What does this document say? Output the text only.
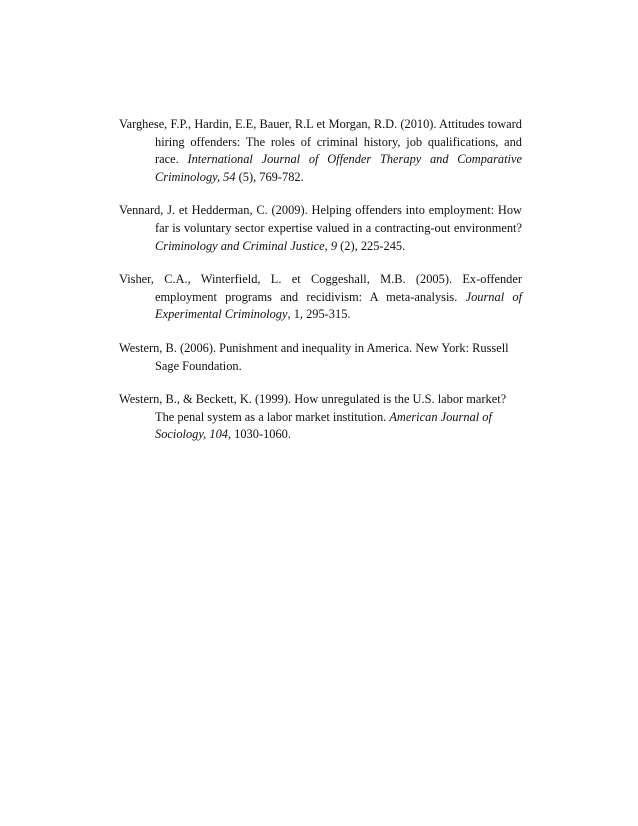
Varghese, F.P., Hardin, E.E, Bauer, R.L et Morgan, R.D. (2010). Attitudes toward hiring offenders: The roles of criminal history, job qualifications, and race. International Journal of Offender Therapy and Comparative Criminology, 54 (5), 769-782.

Vennard, J. et Hedderman, C. (2009). Helping offenders into employment: How far is voluntary sector expertise valued in a contracting-out environment? Criminology and Criminal Justice, 9 (2), 225-245.

Visher, C.A., Winterfield, L. et Coggeshall, M.B. (2005). Ex-offender employment programs and recidivism: A meta-analysis. Journal of Experimental Criminology, 1, 295-315.

Western, B. (2006). Punishment and inequality in America. New York: Russell Sage Foundation.

Western, B., & Beckett, K. (1999). How unregulated is the U.S. labor market? The penal system as a labor market institution. American Journal of Sociology, 104, 1030-1060.
